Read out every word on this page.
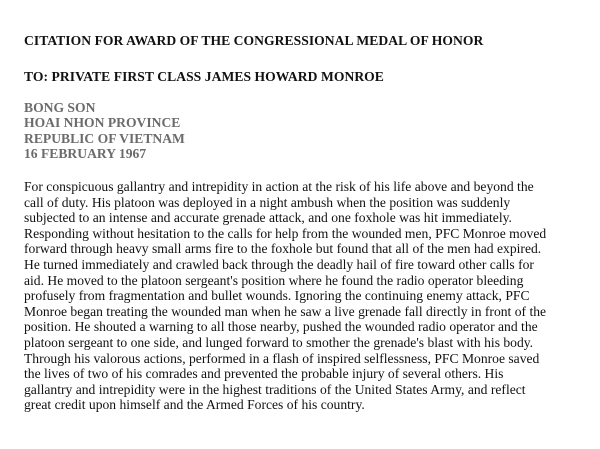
CITATION FOR AWARD OF THE CONGRESSIONAL MEDAL OF HONOR
TO: PRIVATE FIRST CLASS JAMES HOWARD MONROE
BONG SON
HOAI NHON PROVINCE
REPUBLIC OF VIETNAM
16 FEBRUARY 1967
For conspicuous gallantry and intrepidity in action at the risk of his life above and beyond the
call of duty. His platoon was deployed in a night ambush when the position was suddenly
subjected to an intense and accurate grenade attack, and one foxhole was hit immediately.
Responding without hesitation to the calls for help from the wounded men, PFC Monroe moved
forward through heavy small arms fire to the foxhole but found that all of the men had expired.
He turned immediately and crawled back through the deadly hail of fire toward other calls for
aid. He moved to the platoon sergeant's position where he found the radio operator bleeding
profusely from fragmentation and bullet wounds. Ignoring the continuing enemy attack, PFC
Monroe began treating the wounded man when he saw a live grenade fall directly in front of the
position. He shouted a warning to all those nearby, pushed the wounded radio operator and the
platoon sergeant to one side, and lunged forward to smother the grenade's blast with his body.
Through his valorous actions, performed in a flash of inspired selflessness, PFC Monroe saved
the lives of two of his comrades and prevented the probable injury of several others. His
gallantry and intrepidity were in the highest traditions of the United States Army, and reflect
great credit upon himself and the Armed Forces of his country.
